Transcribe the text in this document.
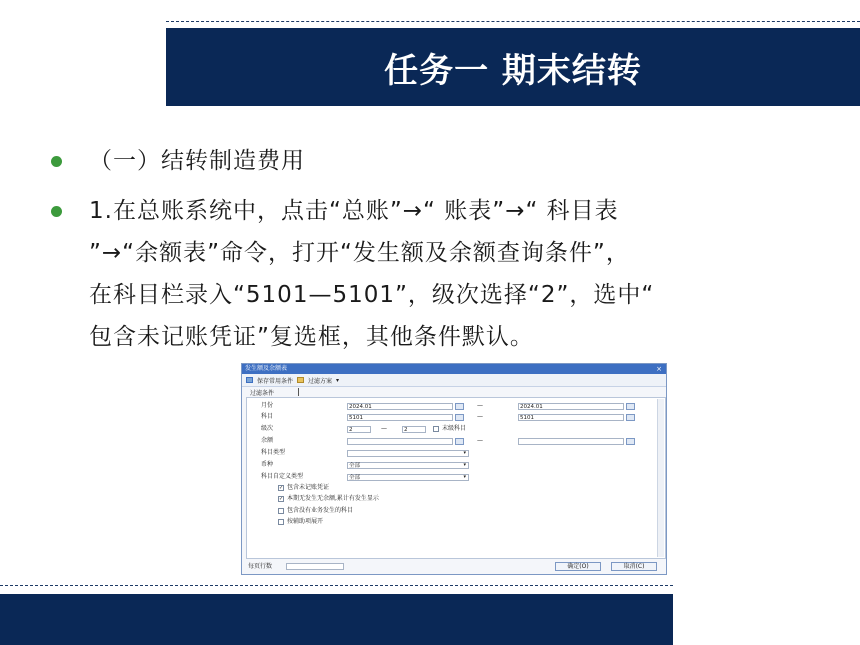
任务一 期末结转
（一）结转制造费用
1.在总账系统中，点击“总账”→“ 账表”→“ 科目表
”→“余额表”命令，打开“发生额及余额查询条件”，
在科目栏录入“5101—5101”，级次选择“2”，选中“
包含未记账凭证”复选框，其他条件默认。
发生额及余额表	×
保存常用条件	过滤方案 ▾
过滤条件
月份	2024.01	—	2024.01
科目	5101	—	5101
级次	2	—	2	末级科目
余额	—
科目类型	▾
币种	全部	▾
科目自定义类型	全部	▾
✓ 包含未记账凭证
✓ 本期无发生无余额,累计有发生显示
包含没有业务发生的科目
按辅助项展开
每页行数	确定(O)	取消(C)
